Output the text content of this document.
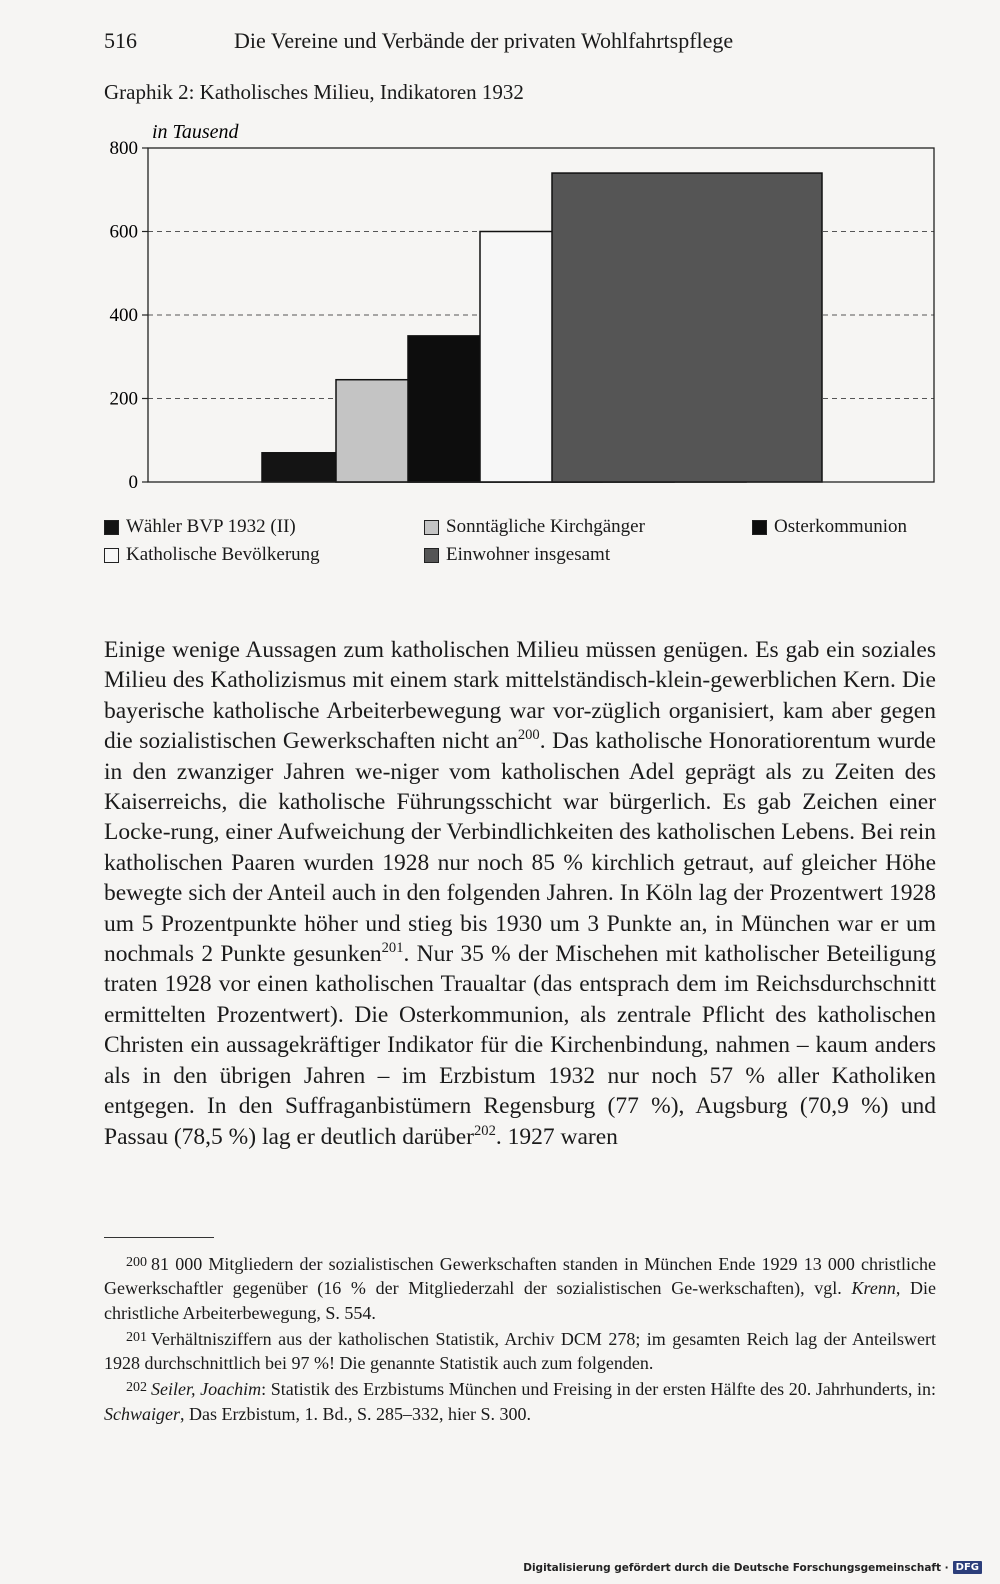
516	Die Vereine und Verbände der privaten Wohlfahrtspflege
Graphik 2: Katholisches Milieu, Indikatoren 1932
in Tausend
0
200
400
600
800
Wähler BVP 1932 (II)	Sonntägliche Kirchgänger	Osterkommunion
Katholische Bevölkerung	Einwohner insgesamt

Einige wenige Aussagen zum katholischen Milieu müssen genügen. Es gab ein soziales Milieu des Katholizismus mit einem stark mittelständisch-klein-gewerblichen Kern. Die bayerische katholische Arbeiterbewegung war vor-züglich organisiert, kam aber gegen die sozialistischen Gewerkschaften nicht $an^{200}$. Das katholische Honoratiorentum wurde in den zwanziger Jahren we-niger vom katholischen Adel geprägt als zu Zeiten des Kaiserreichs, die katholische Führungsschicht war bürgerlich. Es gab Zeichen einer Locke-rung, einer Aufweichung der Verbindlichkeiten des katholischen Lebens. Bei rein katholischen Paaren wurden 1928 nur noch 85 % kirchlich getraut, auf gleicher Höhe bewegte sich der Anteil auch in den folgenden Jahren. In Köln lag der Prozentwert 1928 um 5 Prozentpunkte höher und stieg bis 1930 um 3 Punkte an, in München war er um nochmals 2 Punkte gesunken$^{201}$. Nur 35 % der Mischehen mit katholischer Beteiligung traten 1928 vor einen katholischen Traualtar (das entsprach dem im Reichsdurchschnitt ermittelten Prozentwert). Die Osterkommunion, als zentrale Pflicht des katholischen Christen ein aussagekräftiger Indikator für die Kirchenbindung, nahmen – kaum anders als in den übrigen Jahren – im Erzbistum 1932 nur noch 57 % aller Katholiken entgegen. In den Suffraganbistümern Regensburg (77 %), Augsburg (70,9 %) und Passau (78,5 %) lag er deutlich darüber$^{202}$. 1927 waren

$^{200}$ 81 000 Mitgliedern der sozialistischen Gewerkschaften standen in München Ende 1929 13 000 christliche Gewerkschaftler gegenüber (16 % der Mitgliederzahl der sozialistischen Ge-werkschaften), vgl. Krenn, Die christliche Arbeiterbewegung, S. 554.

$^{201}$ Verhältnisziffern aus der katholischen Statistik, Archiv DCM 278; im gesamten Reich lag der Anteilswert 1928 durchschnittlich bei 97 %! Die genannte Statistik auch zum folgenden.

$^{202}$ Seiler, Joachim: Statistik des Erzbistums München und Freising in der ersten Hälfte des 20. Jahrhunderts, in: Schwaiger, Das Erzbistum, 1. Bd., S. 285–332, hier S. 300.

Digitalisierung gefördert durch die Deutsche Forschungsgemeinschaft · DFG
